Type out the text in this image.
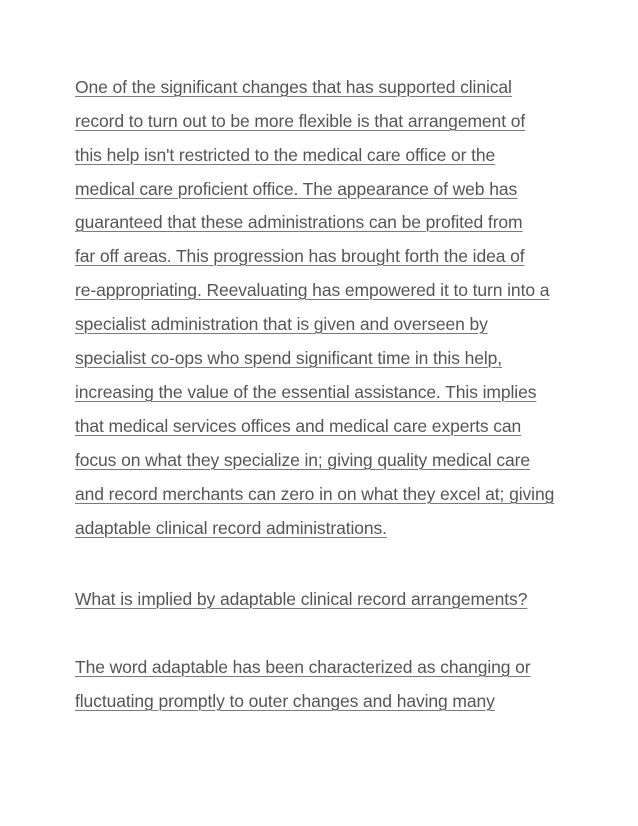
One of the significant changes that has supported clinical
record to turn out to be more flexible is that arrangement of
this help isn't restricted to the medical care office or the
medical care proficient office. The appearance of web has
guaranteed that these administrations can be profited from
far off areas. This progression has brought forth the idea of
re-appropriating. Reevaluating has empowered it to turn into a
specialist administration that is given and overseen by
specialist co-ops who spend significant time in this help,
increasing the value of the essential assistance. This implies
that medical services offices and medical care experts can
focus on what they specialize in; giving quality medical care
and record merchants can zero in on what they excel at; giving
adaptable clinical record administrations.
What is implied by adaptable clinical record arrangements?
The word adaptable has been characterized as changing or
fluctuating promptly to outer changes and having many
